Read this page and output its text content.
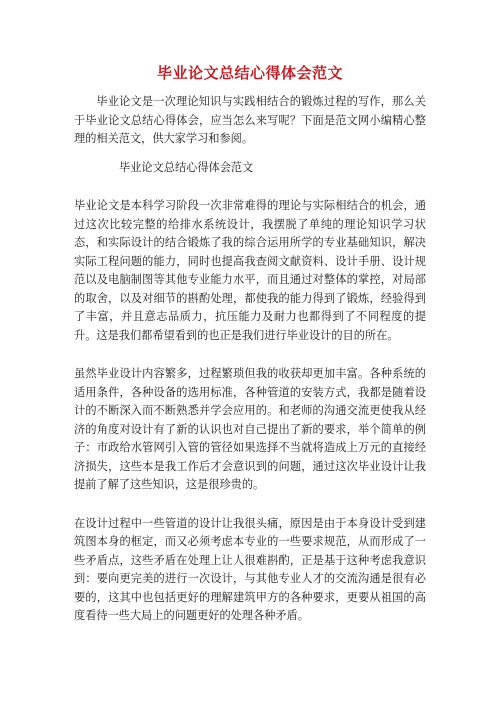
毕业论文总结心得体会范文

毕业论文是一次理论知识与实践相结合的锻炼过程的写作，那么关于毕业论文总结心得体会，应当怎么来写呢？下面是范文网小编精心整理的相关范文，供大家学习和参阅。

毕业论文总结心得体会范文

毕业论文是本科学习阶段一次非常难得的理论与实际相结合的机会，通过这次比较完整的给排水系统设计，我摆脱了单纯的理论知识学习状态，和实际设计的结合锻炼了我的综合运用所学的专业基础知识，解决实际工程问题的能力，同时也提高我查阅文献资料、设计手册、设计规范以及电脑制图等其他专业能力水平，而且通过对整体的掌控，对局部的取舍，以及对细节的斟酌处理，都使我的能力得到了锻炼，经验得到了丰富，并且意志品质力，抗压能力及耐力也都得到了不同程度的提升。这是我们都希望看到的也正是我们进行毕业设计的目的所在。

虽然毕业设计内容繁多，过程繁琐但我的收获却更加丰富。各种系统的适用条件，各种设备的选用标准，各种管道的安装方式，我都是随着设计的不断深入而不断熟悉并学会应用的。和老师的沟通交流更使我从经济的角度对设计有了新的认识也对自己提出了新的要求，举个简单的例子：市政给水管网引入管的管径如果选择不当就将造成上万元的直接经济损失，这些本是我工作后才会意识到的问题，通过这次毕业设计让我提前了解了这些知识，这是很珍贵的。

在设计过程中一些管道的设计让我很头痛，原因是由于本身设计受到建筑图本身的框定，而又必须考虑本专业的一些要求规范，从而形成了一些矛盾点，这些矛盾在处理上让人很难斟酌，正是基于这种考虑我意识到：要向更完美的进行一次设计，与其他专业人才的交流沟通是很有必要的，这其中也包括更好的理解建筑甲方的各种要求，更要从祖国的高度看待一些大局上的问题更好的处理各种矛盾。
